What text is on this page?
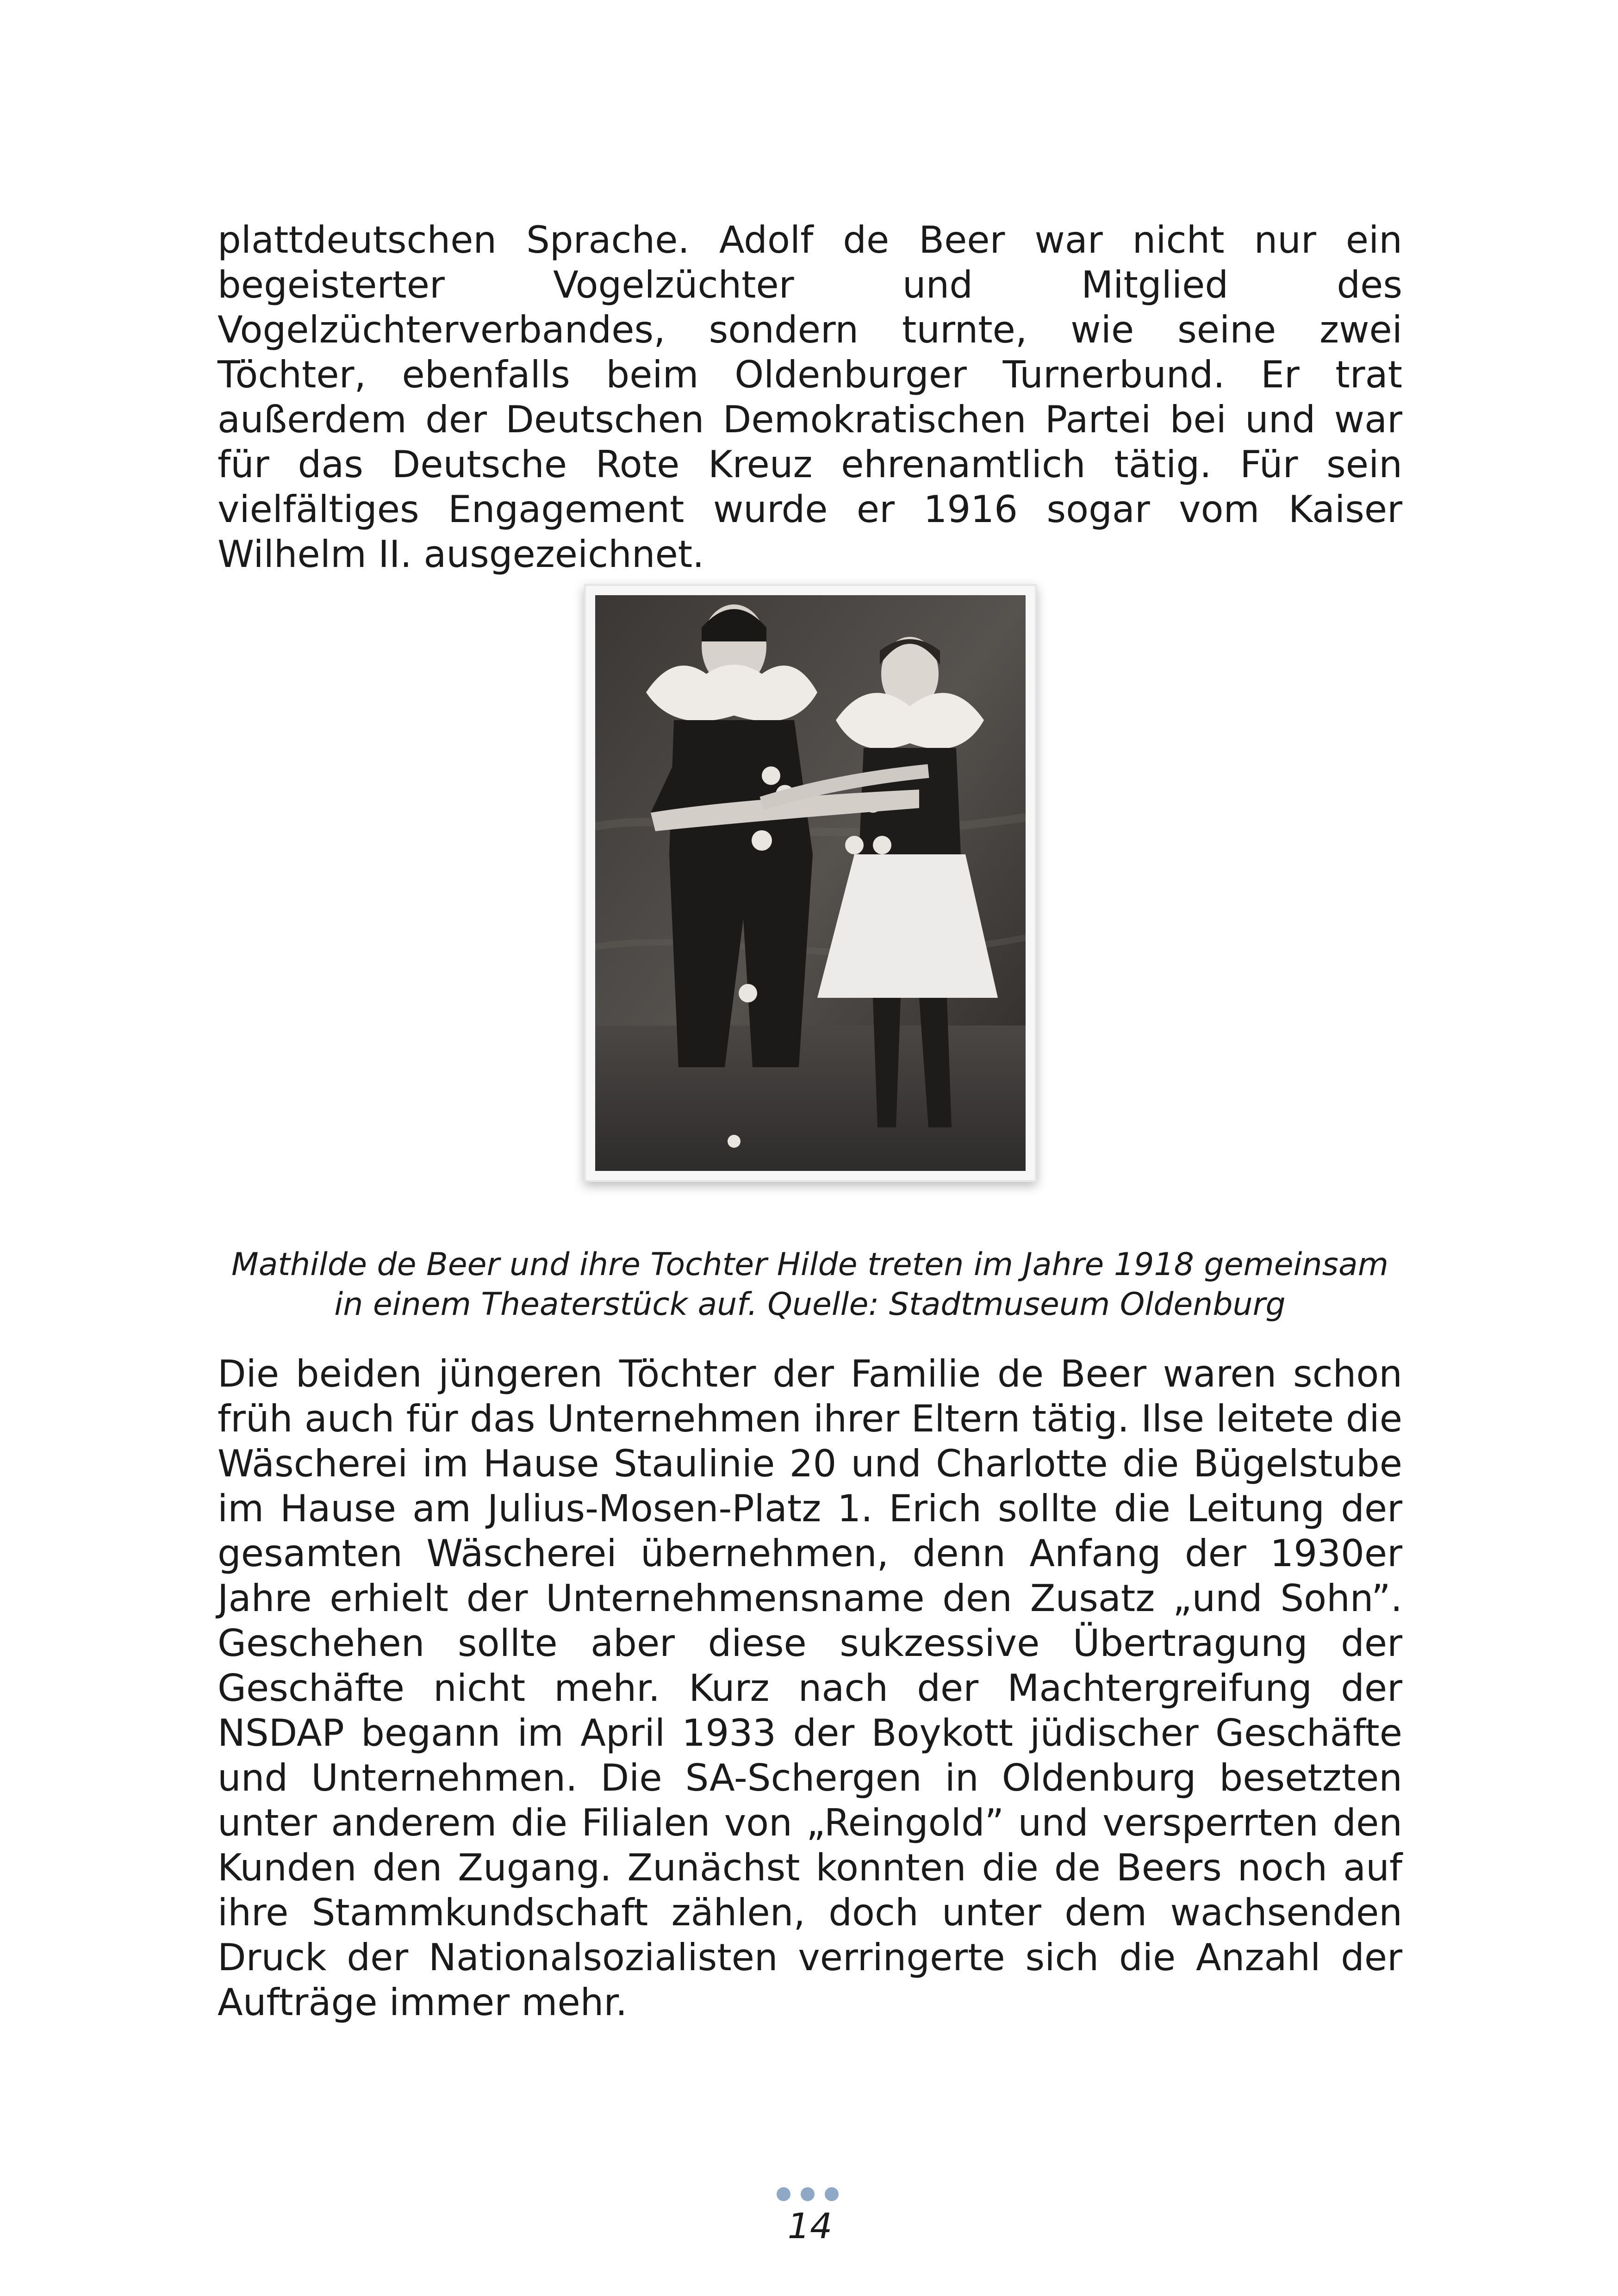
plattdeutschen Sprache. Adolf de Beer war nicht nur ein begeisterter Vogelzüchter und Mitglied des Vogelzüchterverbandes, sondern turnte, wie seine zwei Töchter, ebenfalls beim Oldenburger Turnerbund. Er trat außerdem der Deutschen Demokratischen Partei bei und war für das Deutsche Rote Kreuz ehrenamtlich tätig. Für sein vielfältiges Engagement wurde er 1916 sogar vom Kaiser Wilhelm II. ausgezeichnet.

Mathilde de Beer und ihre Tochter Hilde treten im Jahre 1918 gemeinsam
in einem Theaterstück auf. Quelle: Stadtmuseum Oldenburg

Die beiden jüngeren Töchter der Familie de Beer waren schon früh auch für das Unternehmen ihrer Eltern tätig. Ilse leitete die Wäscherei im Hause Staulinie 20 und Charlotte die Bügelstube im Hause am Julius-Mosen-Platz 1. Erich sollte die Leitung der gesamten Wäscherei übernehmen, denn Anfang der 1930er Jahre erhielt der Unternehmensname den Zusatz „und Sohn”. Geschehen sollte aber diese sukzessive Übertragung der Geschäfte nicht mehr. Kurz nach der Machtergreifung der NSDAP begann im April 1933 der Boykott jüdischer Geschäfte und Unternehmen. Die SA-Schergen in Oldenburg besetzten unter anderem die Filialen von „Reingold” und versperrten den Kunden den Zugang. Zunächst konnten die de Beers noch auf ihre Stammkundschaft zählen, doch unter dem wachsenden Druck der Nationalsozialisten verringerte sich die Anzahl der Aufträge immer mehr.

14
